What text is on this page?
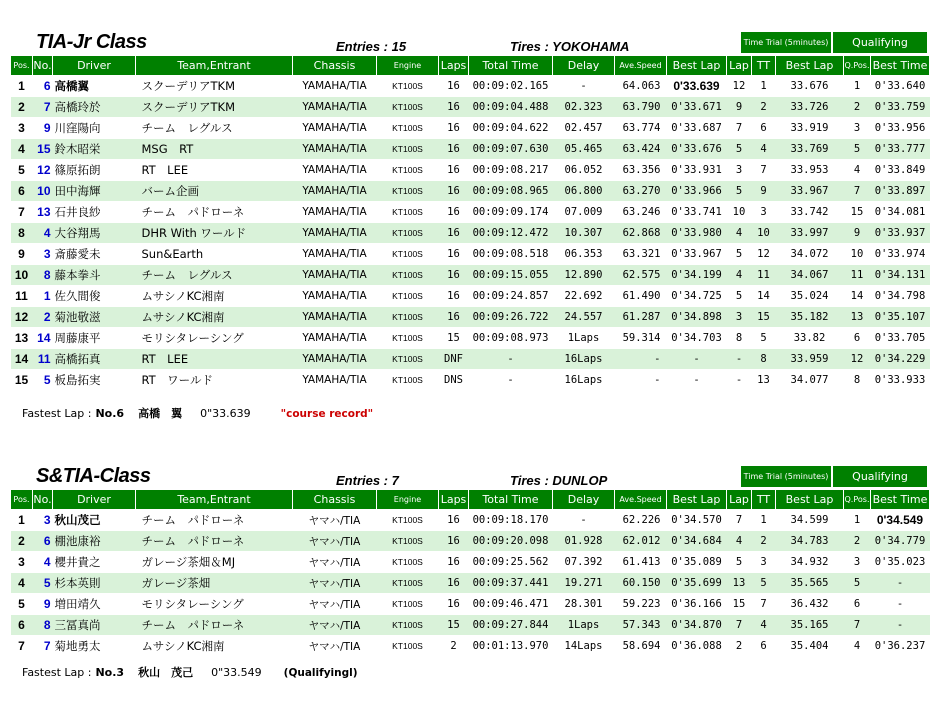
TIA-Jr Class	Entries : 15	Tires : YOKOHAMA	Time Trial (5minutes)	Qualifying
Pos.	No.	Driver	Team,Entrant	Chassis	Engine	Laps	Total Time	Delay	Ave.Speed	Best Lap	Lap	TT	Best Lap	Q.Pos.	Best Time
1	6	高橋翼	スクーデリアTKM	YAMAHA/TIA	KT100S	16	00:09:02.165	-	64.063	0'33.639	12	1	33.676	1	0'33.640
2	7	高橋玲於	スクーデリアTKM	YAMAHA/TIA	KT100S	16	00:09:04.488	02.323	63.790	0'33.671	9	2	33.726	2	0'33.759
3	9	川窪陽向	チーム　レグルス	YAMAHA/TIA	KT100S	16	00:09:04.622	02.457	63.774	0'33.687	7	6	33.919	3	0'33.956
4	15	鈴木昭栄	MSG　RT	YAMAHA/TIA	KT100S	16	00:09:07.630	05.465	63.424	0'33.676	5	4	33.769	5	0'33.777
5	12	篠原拓朗	RT　LEE	YAMAHA/TIA	KT100S	16	00:09:08.217	06.052	63.356	0'33.931	3	7	33.953	4	0'33.849
6	10	田中海輝	バーム企画	YAMAHA/TIA	KT100S	16	00:09:08.965	06.800	63.270	0'33.966	5	9	33.967	7	0'33.897
7	13	石井良紗	チーム　パドローネ	YAMAHA/TIA	KT100S	16	00:09:09.174	07.009	63.246	0'33.741	10	3	33.742	15	0'34.081
8	4	大谷翔馬	DHR With ワールド	YAMAHA/TIA	KT100S	16	00:09:12.472	10.307	62.868	0'33.980	4	10	33.997	9	0'33.937
9	3	斎藤愛未	Sun&Earth	YAMAHA/TIA	KT100S	16	00:09:08.518	06.353	63.321	0'33.967	5	12	34.072	10	0'33.974
10	8	藤本拳斗	チーム　レグルス	YAMAHA/TIA	KT100S	16	00:09:15.055	12.890	62.575	0'34.199	4	11	34.067	11	0'34.131
11	1	佐久間俊	ムサシノKC湘南	YAMAHA/TIA	KT100S	16	00:09:24.857	22.692	61.490	0'34.725	5	14	35.024	14	0'34.798
12	2	菊池敬滋	ムサシノKC湘南	YAMAHA/TIA	KT100S	16	00:09:26.722	24.557	61.287	0'34.898	3	15	35.182	13	0'35.107
13	14	周藤康平	モリシタレーシング	YAMAHA/TIA	KT100S	15	00:09:08.973	1Laps	59.314	0'34.703	8	5	33.82	6	0'33.705
14	11	高橋拓真	RT　LEE	YAMAHA/TIA	KT100S	DNF	-	16Laps	-	-	-	8	33.959	12	0'34.229
15	5	板島拓実	RT　ワールド	YAMAHA/TIA	KT100S	DNS	-	16Laps	-	-	-	13	34.077	8	0'33.933
Fastest Lap : No.6 高橋　翼 0"33.639	"course record"
S&TIA-Class	Entries : 7	Tires : DUNLOP	Time Trial (5minutes)	Qualifying
Pos.	No.	Driver	Team,Entrant	Chassis	Engine	Laps	Total Time	Delay	Ave.Speed	Best Lap	Lap	TT	Best Lap	Q.Pos.	Best Time
1	3	秋山茂己	チーム　パドローネ	ヤマハ/TIA	KT100S	16	00:09:18.170	-	62.226	0'34.570	7	1	34.599	1	0'34.549
2	6	棚池康裕	チーム　パドローネ	ヤマハ/TIA	KT100S	16	00:09:20.098	01.928	62.012	0'34.684	4	2	34.783	2	0'34.779
3	4	櫻井貴之	ガレージ茶畑＆MJ	ヤマハ/TIA	KT100S	16	00:09:25.562	07.392	61.413	0'35.089	5	3	34.932	3	0'35.023
4	5	杉本英則	ガレージ茶畑	ヤマハ/TIA	KT100S	16	00:09:37.441	19.271	60.150	0'35.699	13	5	35.565	5	-
5	9	増田靖久	モリシタレーシング	ヤマハ/TIA	KT100S	16	00:09:46.471	28.301	59.223	0'36.166	15	7	36.432	6	-
6	8	三冨真尚	チーム　パドローネ	ヤマハ/TIA	KT100S	15	00:09:27.844	1Laps	57.343	0'34.870	7	4	35.165	7	-
7	7	菊地勇太	ムサシノKC湘南	ヤマハ/TIA	KT100S	2	00:01:13.970	14Laps	58.694	0'36.088	2	6	35.404	4	0'36.237
Fastest Lap : No.3 秋山　茂己 0"33.549 (Qualifyingl)
